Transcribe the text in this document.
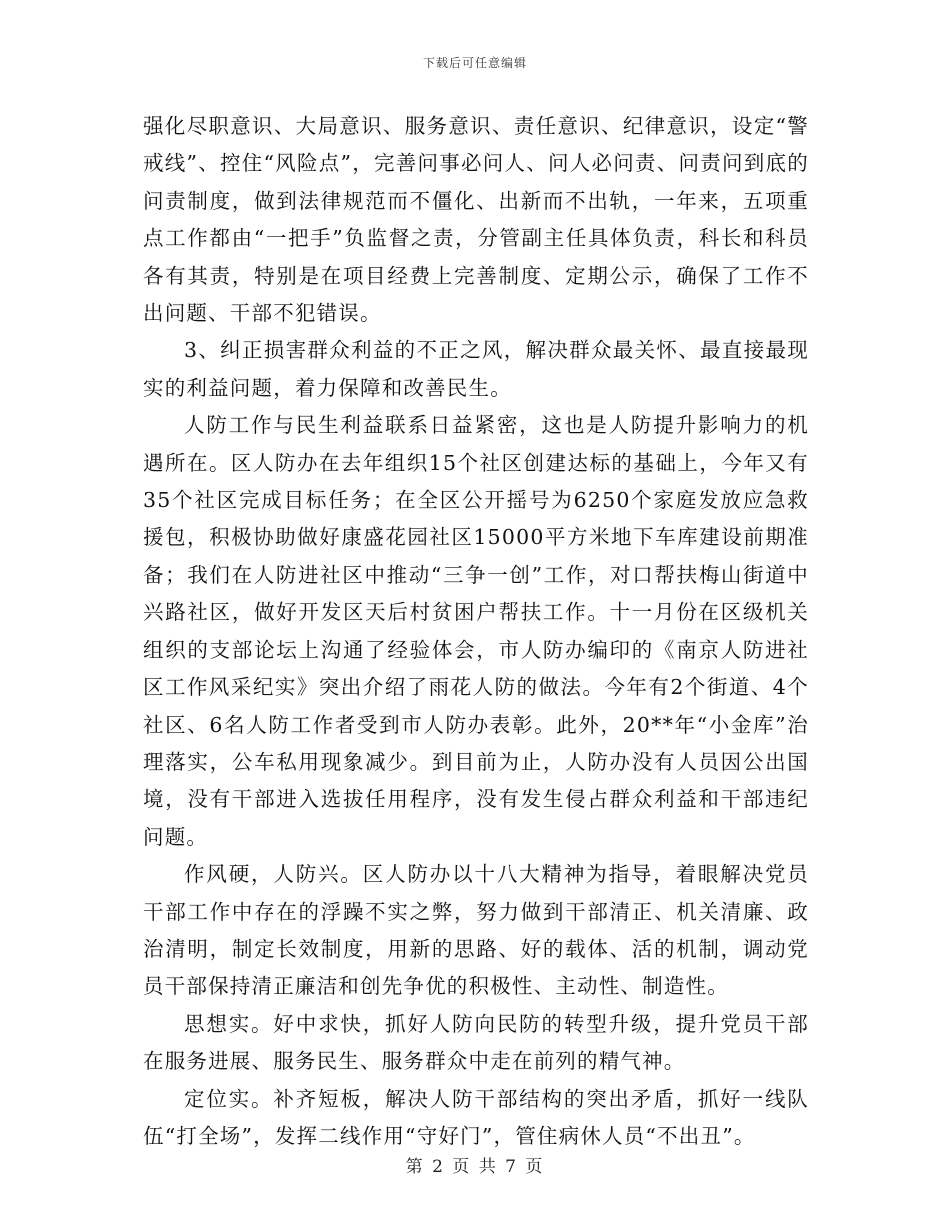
下载后可任意编辑

强化尽职意识、大局意识、服务意识、责任意识、纪律意识，设定“警戒线”、控住“风险点”，完善问事必问人、问人必问责、问责问到底的问责制度，做到法律规范而不僵化、出新而不出轨，一年来，五项重点工作都由“一把手”负监督之责，分管副主任具体负责，科长和科员各有其责，特别是在项目经费上完善制度、定期公示，确保了工作不出问题、干部不犯错误。

3、纠正损害群众利益的不正之风，解决群众最关怀、最直接最现实的利益问题，着力保障和改善民生。

人防工作与民生利益联系日益紧密，这也是人防提升影响力的机遇所在。区人防办在去年组织15个社区创建达标的基础上，今年又有35个社区完成目标任务；在全区公开摇号为6250个家庭发放应急救援包，积极协助做好康盛花园社区15000平方米地下车库建设前期准备；我们在人防进社区中推动“三争一创”工作，对口帮扶梅山街道中兴路社区，做好开发区天后村贫困户帮扶工作。十一月份在区级机关组织的支部论坛上沟通了经验体会，市人防办编印的《南京人防进社区工作风采纪实》突出介绍了雨花人防的做法。今年有2个街道、4个社区、6名人防工作者受到市人防办表彰。此外，20**年“小金库”治理落实，公车私用现象减少。到目前为止，人防办没有人员因公出国境，没有干部进入选拔任用程序，没有发生侵占群众利益和干部违纪问题。

作风硬，人防兴。区人防办以十八大精神为指导，着眼解决党员干部工作中存在的浮躁不实之弊，努力做到干部清正、机关清廉、政治清明，制定长效制度，用新的思路、好的载体、活的机制，调动党员干部保持清正廉洁和创先争优的积极性、主动性、制造性。

思想实。好中求快，抓好人防向民防的转型升级，提升党员干部在服务进展、服务民生、服务群众中走在前列的精气神。

定位实。补齐短板，解决人防干部结构的突出矛盾，抓好一线队伍“打全场”，发挥二线作用“守好门”，管住病休人员“不出丑”。

第 2 页 共 7 页
